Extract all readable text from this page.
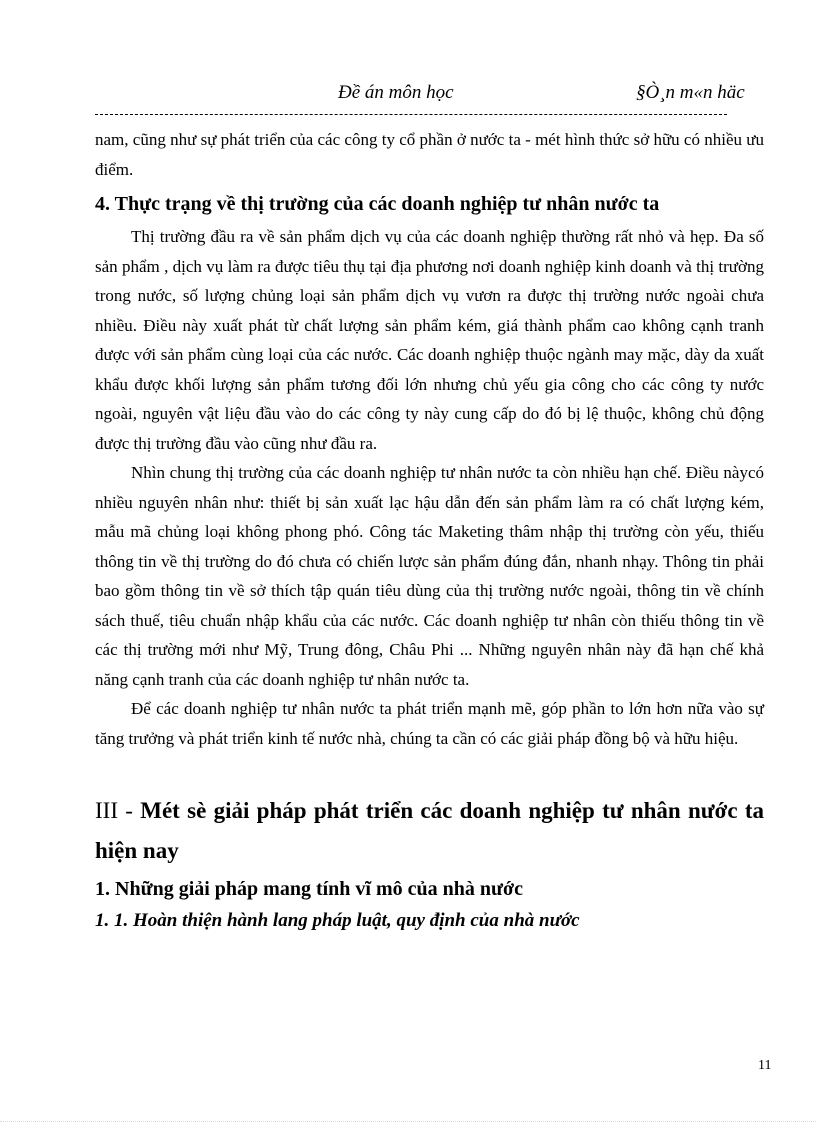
Đề án môn học	§Ò¸n m«n häc

nam, cũng như sự phát triển của các công ty cổ phần ở nước ta - mét hình thức sở hữu có nhiều ưu điểm.

4. Thực trạng về thị trường của các doanh nghiệp tư nhân nước ta

Thị trường đầu ra về sản phẩm dịch vụ của các doanh nghiệp thường rất nhỏ và hẹp. Đa số sản phẩm , dịch vụ làm ra được tiêu thụ tại địa phương nơi doanh nghiệp kinh doanh và thị trường trong nước, số lượng chủng loại sản phẩm dịch vụ vươn ra được thị trường nước ngoài chưa nhiều. Điều này xuất phát từ chất lượng sản phẩm kém, giá thành phẩm cao không cạnh tranh được với sản phẩm cùng loại của các nước. Các doanh nghiệp thuộc ngành may mặc, dày da xuất khẩu được khối lượng sản phẩm tương đối lớn nhưng chủ yếu gia công cho các công ty nước ngoài, nguyên vật liệu đầu vào do các công ty này cung cấp do đó bị lệ thuộc, không chủ động được thị trường đầu vào cũng như đầu ra.

Nhìn chung thị trường của các doanh nghiệp tư nhân nước ta còn nhiều hạn chế. Điều nàycó nhiều nguyên nhân như: thiết bị sản xuất lạc hậu dẫn đến sản phẩm làm ra có chất lượng kém, mẫu mã chủng loại không phong phó. Công tác Maketing thâm nhập thị trường còn yếu, thiếu thông tin về thị trường do đó chưa có chiến lược sản phẩm đúng đắn, nhanh nhạy. Thông tin phải bao gồm thông tin về sở thích tập quán tiêu dùng của thị trường nước ngoài, thông tin về chính sách thuế, tiêu chuẩn nhập khẩu của các nước. Các doanh nghiệp tư nhân còn thiếu thông tin về các thị trường mới như Mỹ, Trung đông, Châu Phi ... Những nguyên nhân này đã hạn chế khả năng cạnh tranh của các doanh nghiệp tư nhân nước ta.

Để các doanh nghiệp tư nhân nước ta phát triển mạnh mẽ, góp phần to lớn hơn nữa vào sự tăng trưởng và phát triển kinh tế nước nhà, chúng ta cần có các giải pháp đồng bộ và hữu hiệu.

III - Mét sè giải pháp phát triển các doanh nghiệp tư nhân nước ta hiện nay
1. Những giải pháp mang tính vĩ mô của nhà nước
1. 1. Hoàn thiện hành lang pháp luật, quy định của nhà nước
11
